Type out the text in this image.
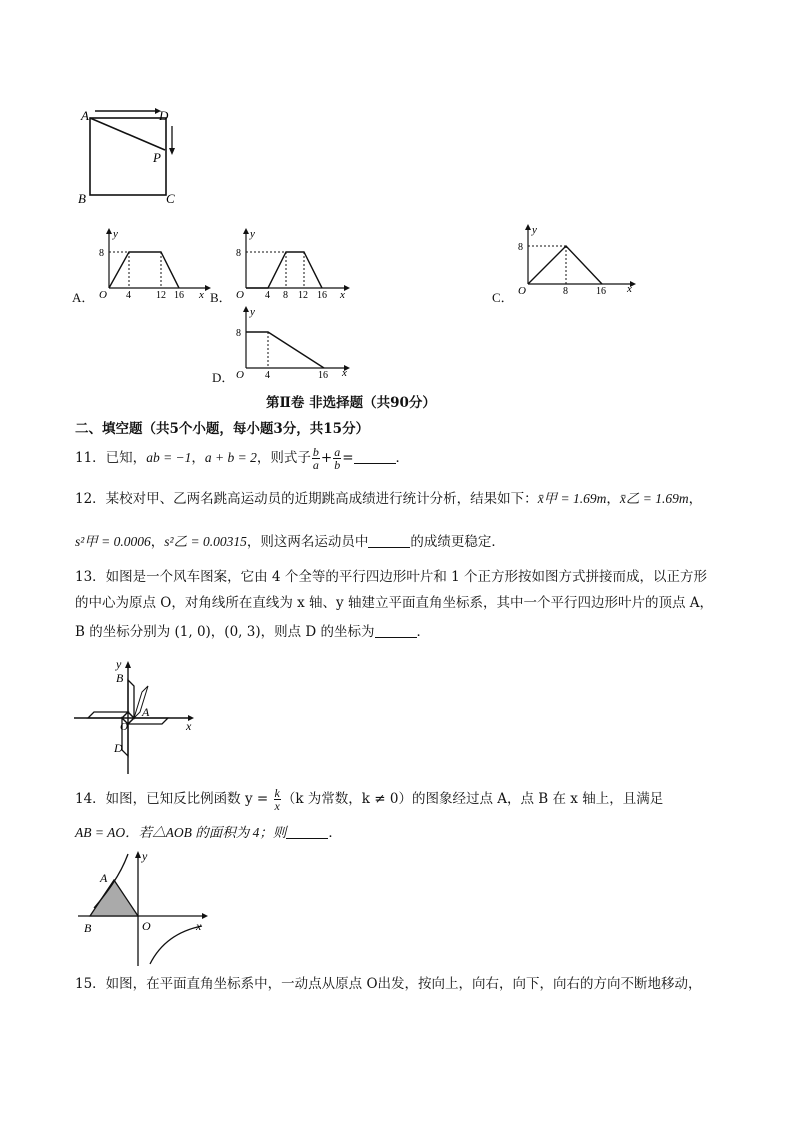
A	D
P
B	C
A．
y
8
O 4	12 16 x B．
y
8
O 4 8 12 16 x	C．
y
8
O	8	16 x
D．
y
8
O 4	16 x
第Ⅱ卷 非选择题（共90分）
二、填空题（共5个小题，每小题3分，共15分）
11．已知，ab = −1，a + b = 2，则式子 $\frac{b}{a} + \frac{a}{b}$ =	．
12．某校对甲、乙两名跳高运动员的近期跳高成绩进行统计分析，结果如下：x̄甲 = 1.69m，x̄乙 = 1.69m，
s²甲 = 0.0006，s²乙 = 0.00315，则这两名运动员中	的成绩更稳定．
13．如图是一个风车图案，它由 4 个全等的平行四边形叶片和 1 个正方形按如图方式拼接而成，以正方形
的中心为原点 O，对角线所在直线为 x 轴、y 轴建立平面直角坐标系，其中一个平行四边形叶片的顶点 A，
B 的坐标分别为 (1, 0)，(0, 3)，则点 D 的坐标为	．
y
B
A
O
D
x
14．如图，已知反比例函数 $y = \frac{k}{x} (k$ 为常数，k ≠ 0）的图象经过点 A，点 B 在 x 轴上，且满足
AB = AO．若△AOB 的面积为 4；则	．
y
A
B	O	x
15．如图，在平面直角坐标系中，一动点从原点 O出发，按向上，向右，向下，向右的方向不断地移动，
